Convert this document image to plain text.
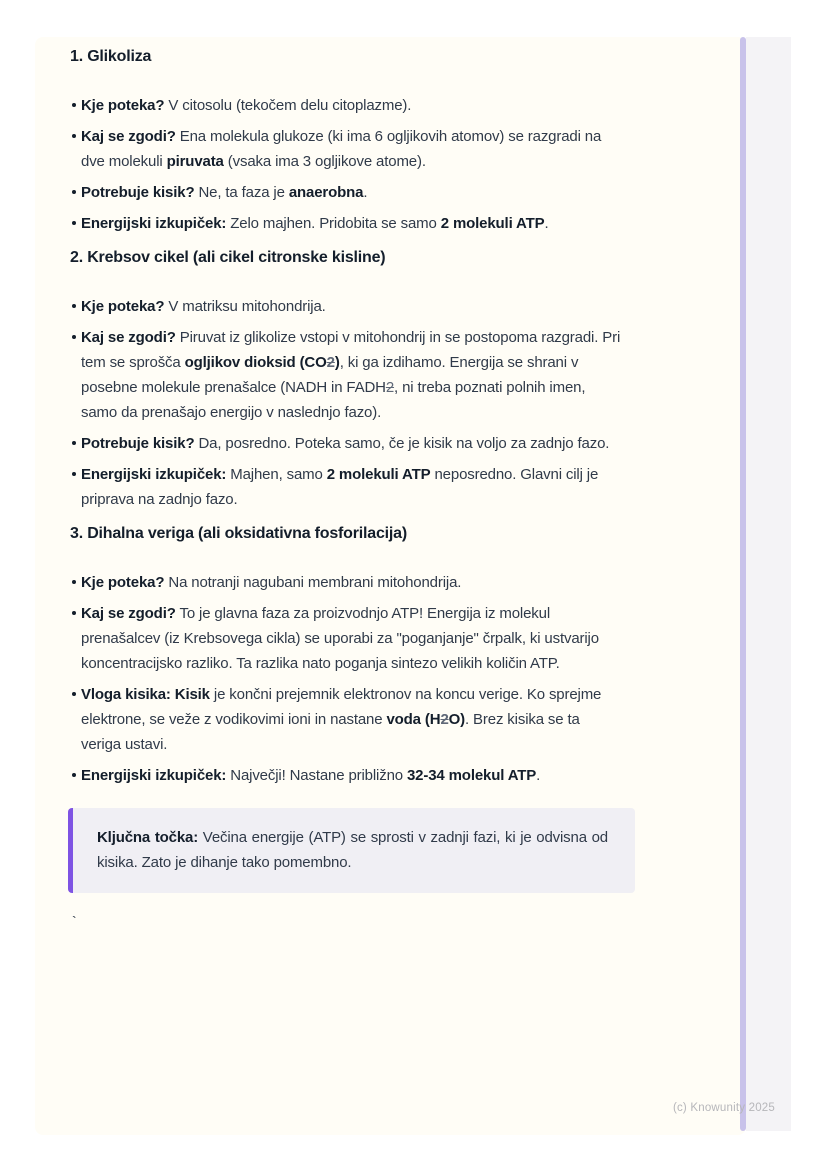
1. Glikoliza
Kje poteka? V citosolu (tekočem delu citoplazme).
Kaj se zgodi? Ena molekula glukoze (ki ima 6 ogljikovih atomov) se razgradi na dve molekuli piruvata (vsaka ima 3 ogljikove atome).
Potrebuje kisik? Ne, ta faza je anaerobna.
Energijski izkupiček: Zelo majhen. Pridobita se samo 2 molekuli ATP.
2. Krebsov cikel (ali cikel citronske kisline)
Kje poteka? V matriksu mitohondrija.
Kaj se zgodi? Piruvat iz glikolize vstopi v mitohondrij in se postopoma razgradi. Pri tem se sprošča ogljikov dioksid (CO2), ki ga izdihamo. Energija se shrani v posebne molekule prenašalce (NADH in FADH2, ni treba poznati polnih imen, samo da prenašajo energijo v naslednjo fazo).
Potrebuje kisik? Da, posredno. Poteka samo, če je kisik na voljo za zadnjo fazo.
Energijski izkupiček: Majhen, samo 2 molekuli ATP neposredno. Glavni cilj je priprava na zadnjo fazo.
3. Dihalna veriga (ali oksidativna fosforilacija)
Kje poteka? Na notranji nagubani membrani mitohondrija.
Kaj se zgodi? To je glavna faza za proizvodnjo ATP! Energija iz molekul prenašalcev (iz Krebsovega cikla) se uporabi za "poganjanje" črpalk, ki ustvarijo koncentracijsko razliko. Ta razlika nato poganja sintezo velikih količin ATP.
Vloga kisika: Kisik je končni prejemnik elektronov na koncu verige. Ko sprejme elektrone, se veže z vodikovimi ioni in nastane voda (H2O). Brez kisika se ta veriga ustavi.
Energijski izkupiček: Največji! Nastane približno 32-34 molekul ATP.
Ključna točka: Večina energije (ATP) se sprosti v zadnji fazi, ki je odvisna od kisika. Zato je dihanje tako pomembno.
`
(c) Knowunity 2025
